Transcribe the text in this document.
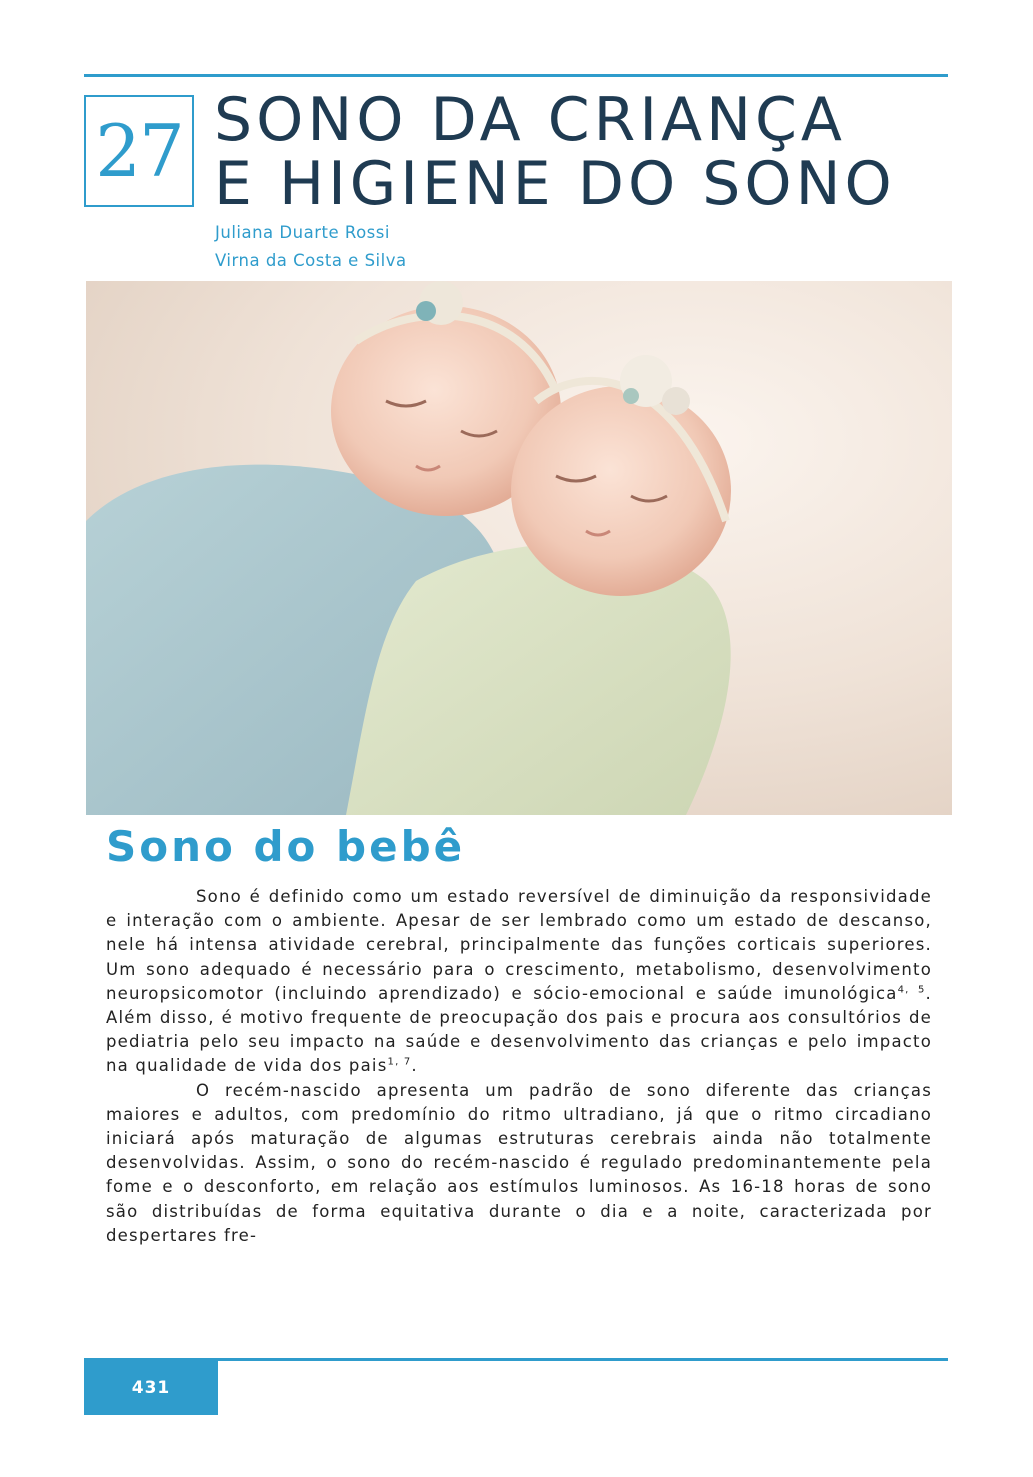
27 SONO DA CRIANÇA
E HIGIENE DO SONO
Juliana Duarte Rossi
Virna da Costa e Silva
Sono do bebê

Sono é definido como um estado reversível de diminuição da responsividade e interação com o ambiente. Apesar de ser lembrado como um estado de descanso, nele há intensa atividade cerebral, principalmente das funções corticais superiores. Um sono adequado é necessário para o crescimento, metabolismo, desenvolvimento neuropsicomotor (incluindo aprendizado) e sócio-emocional e saúde imunológica$^{4, 5}$. Além disso, é motivo frequente de preocupação dos pais e procura aos consultórios de pediatria pelo seu impacto na saúde e desenvolvimento das crianças e pelo impacto na qualidade de vida dos pais$^{1, 7}$.

O recém-nascido apresenta um padrão de sono diferente das crianças maiores e adultos, com predomínio do ritmo ultradiano, já que o ritmo circadiano iniciará após maturação de algumas estruturas cerebrais ainda não totalmente desenvolvidas. Assim, o sono do recém-nascido é regulado predominantemente pela fome e o desconforto, em relação aos estímulos luminosos. As 16-18 horas de sono são distribuídas de forma equitativa durante o dia e a noite, caracterizada por despertares fre-

431
